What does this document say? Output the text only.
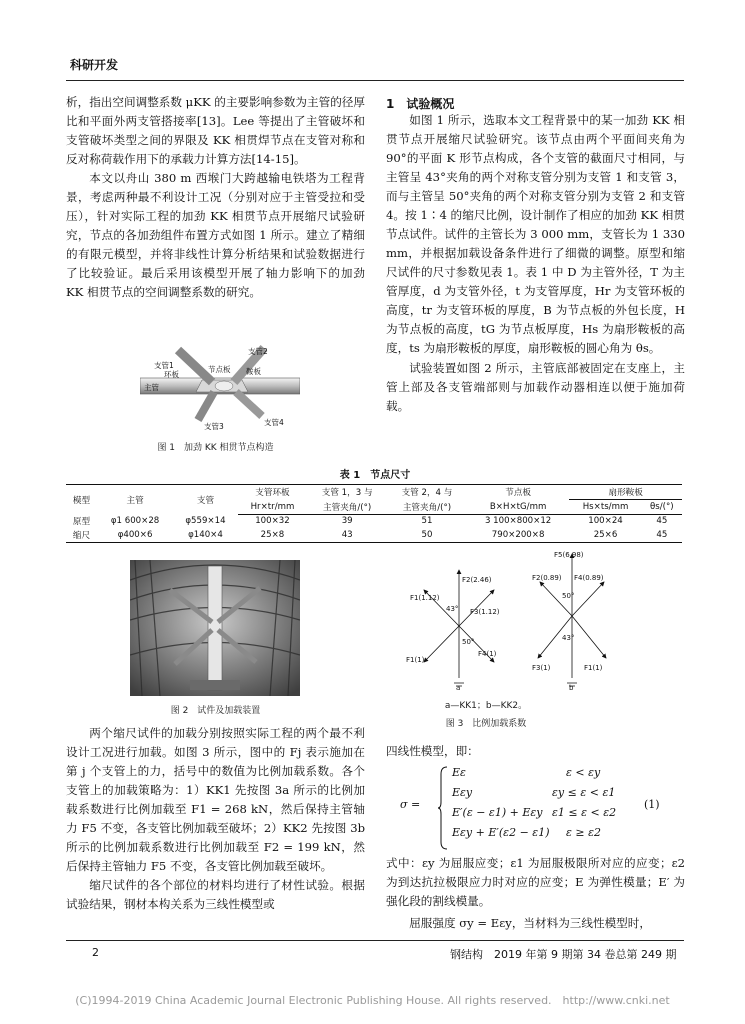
科研开发

析，指出空间调整系数 μKK 的主要影响参数为主管的径厚比和平面外两支管搭接率[13]。Lee 等提出了主管破坏和支管破坏类型之间的界限及 KK 相贯焊节点在支管对称和反对称荷载作用下的承载力计算方法[14-15]。

本文以舟山 380 m 西堠门大跨越输电铁塔为工程背景，考虑两种最不利设计工况（分别对应于主管受拉和受压），针对实际工程的加劲 KK 相贯节点开展缩尺试验研究，节点的各加劲组件布置方式如图 1 所示。建立了精细的有限元模型，并将非线性计算分析结果和试验数据进行了比较验证。最后采用该模型开展了轴力影响下的加劲 KK 相贯节点的空间调整系数的研究。

支管2
支管1
环板
节点板 鞍板
主管
支管3	支管4
图 1　加劲 KK 相贯节点构造
1　试验概况

如图 1 所示，选取本文工程背景中的某一加劲 KK 相贯节点开展缩尺试验研究。该节点由两个平面间夹角为 90°的平面 K 形节点构成，各个支管的截面尺寸相同，与主管呈 43°夹角的两个对称支管分别为支管 1 和支管 3，而与主管呈 50°夹角的两个对称支管分别为支管 2 和支管 4。按 1∶4 的缩尺比例，设计制作了相应的加劲 KK 相贯节点试件。试件的主管长为 3 000 mm，支管长为 1 330 mm，并根据加载设备条件进行了细微的调整。原型和缩尺试件的尺寸参数见表 1。表 1 中 D 为主管外径，T 为主管厚度，d 为支管外径，t 为支管厚度，Hr 为支管环板的高度，tr 为支管环板的厚度，B 为节点板的外包长度，H 为节点板的高度，tG 为节点板厚度，Hs 为扇形鞍板的高度，ts 为扇形鞍板的厚度，扇形鞍板的圆心角为 θs。

试验装置如图 2 所示，主管底部被固定在支座上，主管上部及各支管端部则与加载作动器相连以便于施加荷载。

表 1　节点尺寸
模型	主管	支管	支管环板	支管 1，3 与	支管 2，4 与	节点板	扇形鞍板	
			Hr×tr/mm	主管夹角/(°)	主管夹角/(°)	B×H×tG/mm	Hs×ts/mm	θs/(°)
原型	φ1 600×28	φ559×14	100×32	39	51	3 100×800×12	100×24	45
缩尺	φ400×6	φ140×4	25×8	43	50	790×200×8	25×6	45
图 2　试件及加载装置
F2(2.46)
F1(1.12)
F3(1.12)
F1(1)
F4(1)
43°
50°
a
F5(6.98)
F2(0.89) F4(0.89)
F3(1)	F1(1)
50°
43°
b
a—KK1；b—KK2。
图 3　比例加载系数

两个缩尺试件的加载分别按照实际工程的两个最不利设计工况进行加载。如图 3 所示，图中的 Fj 表示施加在第 j 个支管上的力，括号中的数值为比例加载系数。各个支管上的加载策略为：1）KK1 先按图 3a 所示的比例加载系数进行比例加载至 F1 = 268 kN，然后保持主管轴力 F5 不变，各支管比例加载至破坏；2）KK2 先按图 3b 所示的比例加载系数进行比例加载至 F2 = 199 kN，然后保持主管轴力 F5 不变，各支管比例加载至破坏。

缩尺试件的各个部位的材料均进行了材性试验。根据试验结果，钢材本构关系为三线性模型或

四线性模型，即：
σ =
Eε	ε < εy
Eεy	εy ≤ ε < ε1
E′(ε − ε1) + Eεy ε1 ≤ ε < ε2
Eεy + E′(ε2 − ε1) ε ≥ ε2
(1)

式中：εy 为屈服应变；ε1 为屈服极限所对应的应变；ε2 为到达抗拉极限应力时对应的应变；E 为弹性模量；E′ 为强化段的割线模量。

屈服强度 σy = Eεy，当材料为三线性模型时，

2	钢结构　2019 年第 9 期第 34 卷总第 249 期
(C)1994-2019 China Academic Journal Electronic Publishing House. All rights reserved.　http://www.cnki.net
